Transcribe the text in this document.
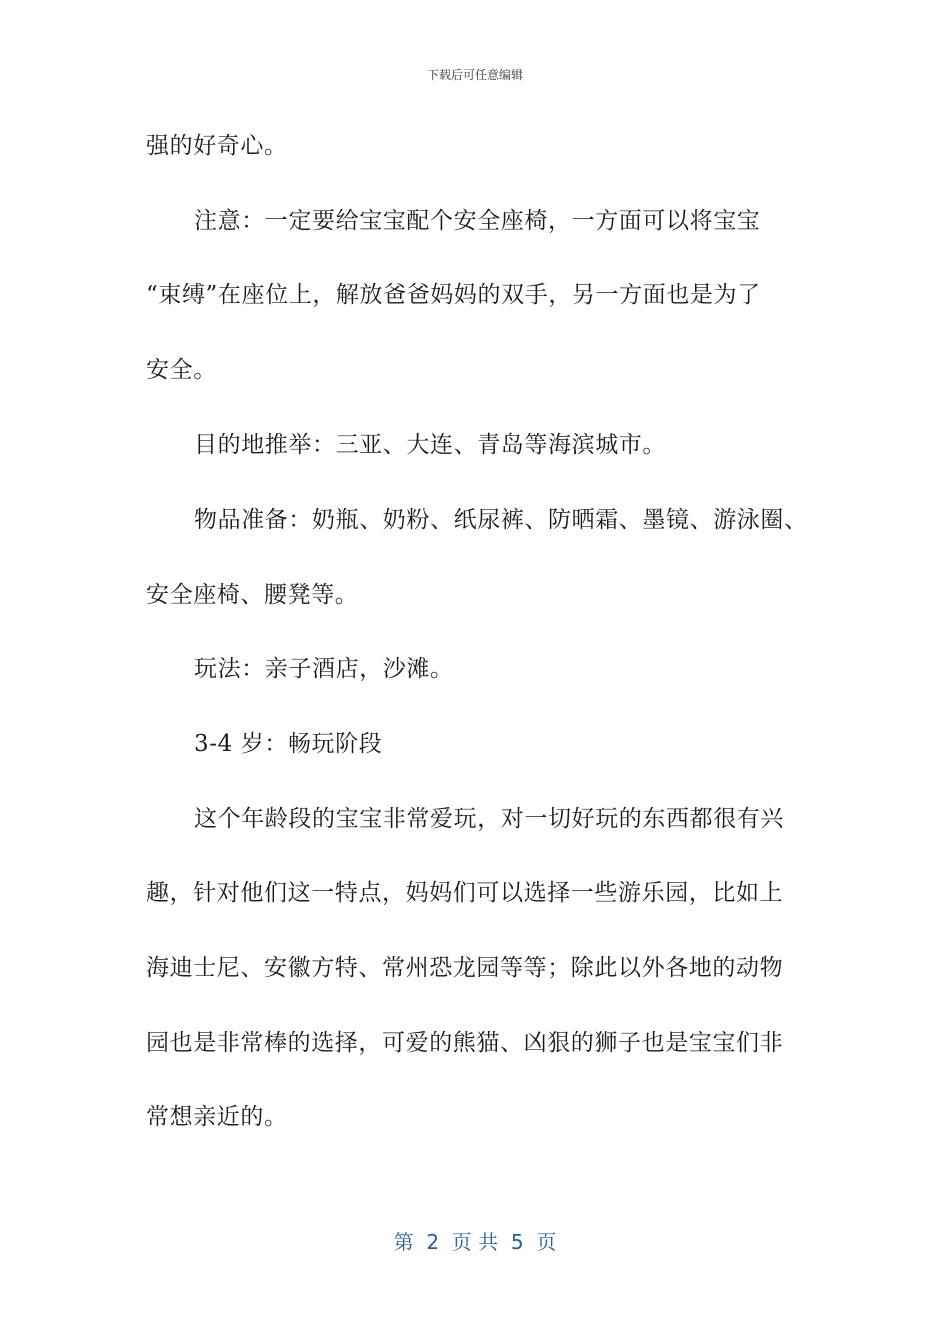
下载后可任意编辑
强的好奇心。
注意：一定要给宝宝配个安全座椅，一方面可以将宝宝
“束缚”在座位上，解放爸爸妈妈的双手，另一方面也是为了
安全。
目的地推举：三亚、大连、青岛等海滨城市。
物品准备：奶瓶、奶粉、纸尿裤、防晒霜、墨镜、游泳圈、
安全座椅、腰凳等。
玩法：亲子酒店，沙滩。
3-4 岁：畅玩阶段
这个年龄段的宝宝非常爱玩，对一切好玩的东西都很有兴
趣，针对他们这一特点，妈妈们可以选择一些游乐园，比如上
海迪士尼、安徽方特、常州恐龙园等等；除此以外各地的动物
园也是非常棒的选择，可爱的熊猫、凶狠的狮子也是宝宝们非
常想亲近的。
第  2  页 共  5  页
